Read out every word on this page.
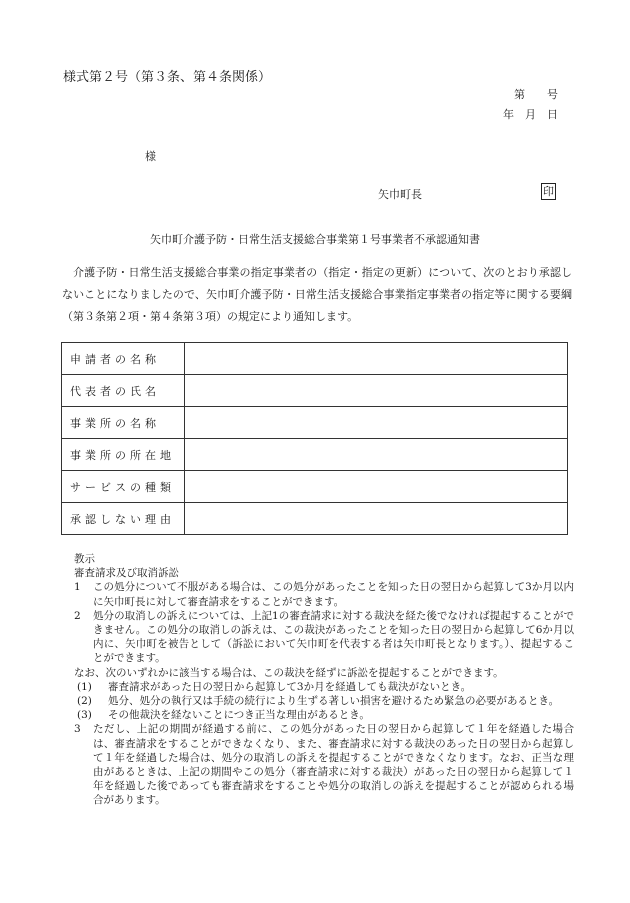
様式第２号（第３条、第４条関係）
第　　号
年　月　日
様
矢巾町長	印
矢巾町介護予防・日常生活支援総合事業第１号事業者不承認通知書

介護予防・日常生活支援総合事業の指定事業者の（指定・指定の更新）について、次のとおり承認しないことになりましたので、矢巾町介護予防・日常生活支援総合事業指定事業者の指定等に関する要綱（第３条第２項・第４条第３項）の規定により通知します。

申請者の名称	
代表者の氏名	
事業所の名称	
事業所の所在地	
サービスの種類	
承認しない理由	
教示
審査請求及び取消訴訟
1	この処分について不服がある場合は、この処分があったことを知った日の翌日から起算して3か月以内に矢巾町長に対して審査請求をすることができます。
2	処分の取消しの訴えについては、上記1の審査請求に対する裁決を経た後でなければ提起することができません。この処分の取消しの訴えは、この裁決があったことを知った日の翌日から起算して6か月以内に、矢巾町を被告として（訴訟において矢巾町を代表する者は矢巾町長となります。）、提起することができます。
なお、次のいずれかに該当する場合は、この裁決を経ずに訴訟を提起することができます。
(1)	審査請求があった日の翌日から起算して3か月を経過しても裁決がないとき。
(2)	処分、処分の執行又は手続の続行により生ずる著しい損害を避けるため緊急の必要があるとき。
(3)	その他裁決を経ないことにつき正当な理由があるとき。
3	ただし、上記の期間が経過する前に、この処分があった日の翌日から起算して１年を経過した場合は、審査請求をすることができなくなり、また、審査請求に対する裁決のあった日の翌日から起算して１年を経過した場合は、処分の取消しの訴えを提起することができなくなります。なお、正当な理由があるときは、上記の期間やこの処分（審査請求に対する裁決）があった日の翌日から起算して１年を経過した後であっても審査請求をすることや処分の取消しの訴えを提起することが認められる場合があります。
